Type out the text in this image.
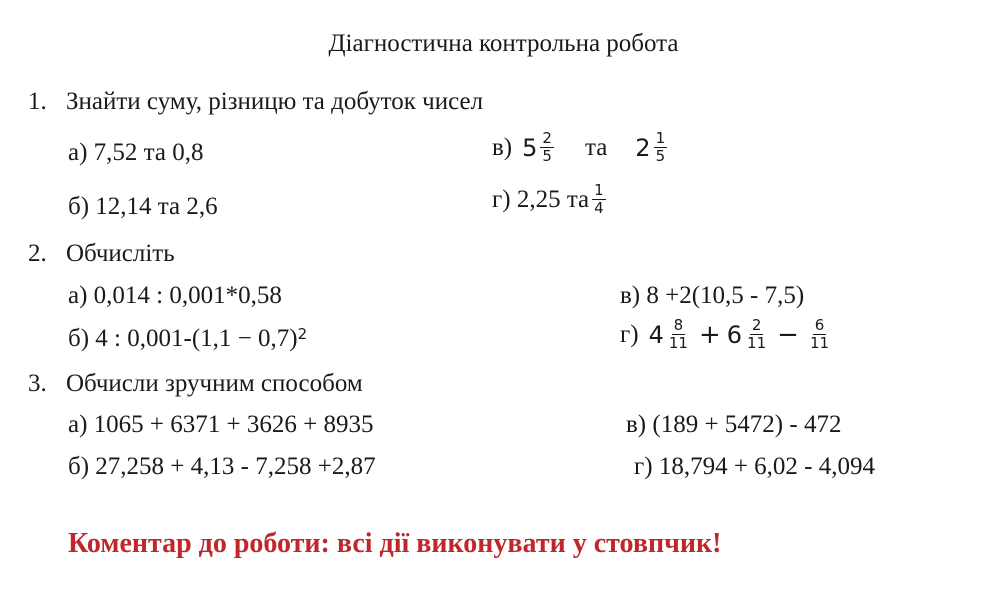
Діагностична контрольна робота
1. Знайти суму, різницю та добуток чисел
а) 7,52 та 0,8	в) $5 \frac{2}{5}$ та $2 \frac{1}{5}$
б) 12,14 та 2,6	г) 2,25 та $\frac{1}{4}$
2. Обчисліть
а) 0,014 : 0,001*0,58	в) 8 +2(10,5 - 7,5)
б) 4 : $0,001-(1,1 - 0,7)^2$	г) $4 \frac{8}{11} + 6 \frac{2}{11} - \frac{6}{11}$
3. Обчисли зручним способом
а) 1065 + 6371 + 3626 + 8935	в) (189 + 5472) - 472
б) 27,258 + 4,13 - 7,258 +2,87	г) 18,794 + 6,02 - 4,094
Коментар до роботи: всі дії виконувати у стовпчик!
